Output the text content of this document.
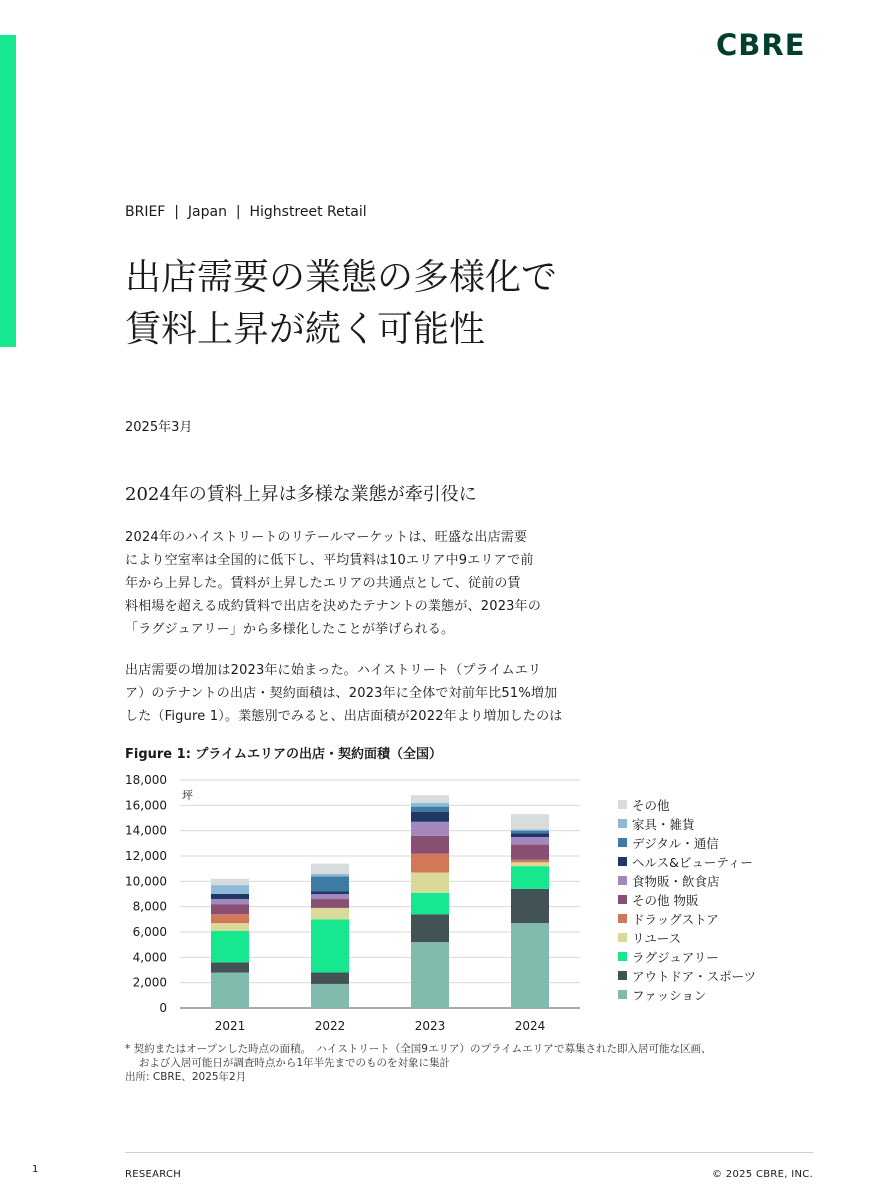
CBRE
BRIEF | Japan | Highstreet Retail
出店需要の業態の多様化で
賃料上昇が続く可能性
2025年3月
2024年の賃料上昇は多様な業態が牽引役に
2024年のハイストリートのリテールマーケットは、旺盛な出店需要
により空室率は全国的に低下し、平均賃料は10エリア中9エリアで前
年から上昇した。賃料が上昇したエリアの共通点として、従前の賃
料相場を超える成約賃料で出店を決めたテナントの業態が、2023年の
「ラグジュアリー」から多様化したことが挙げられる。
出店需要の増加は2023年に始まった。ハイストリート（プライムエリ
ア）のテナントの出店・契約面積は、2023年に全体で対前年比51%増加
した（Figure 1）。業態別でみると、出店面積が2022年より増加したのは
Figure 1: プライムエリアの出店・契約面積（全国）
0
2,000
4,000
6,000
8,000
10,000
12,000
14,000
16,000
18,000
坪
2021	2022	2023	2024
その他
家具・雑貨
デジタル・通信
ヘルス&ビューティー
食物販・飲食店
その他 物販
ドラッグストア
リユース
ラグジュアリー
アウトドア・スポーツ
ファッション
* 契約またはオープンした時点の面積。　ハイストリート（全国9エリア）のプライムエリアで募集された即入居可能な区画、
　 および入居可能日が調査時点から1年半先までのものを対象に集計
出所: CBRE、2025年2月
1	RESEARCH	© 2025 CBRE, INC.
